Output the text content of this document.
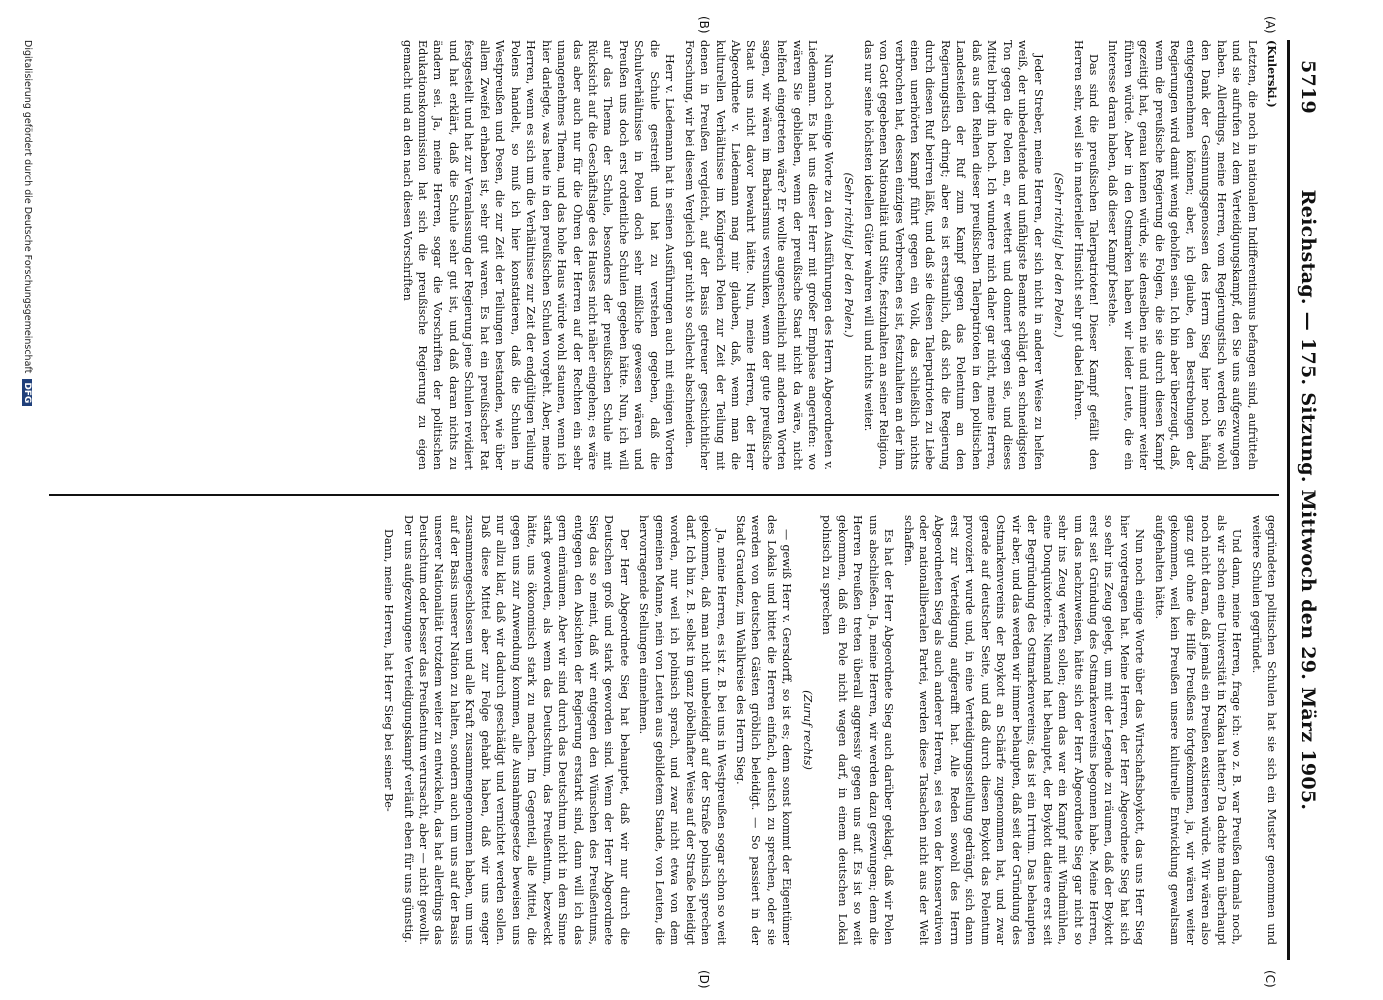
5719
Reichstag. — 175. Sitzung. Mittwoch den 29. März 1905.
(A)
(B)
(C)
(D)

(Kulerski.)

Letzten, die noch in nationalem Indifferentismus befangen sind, aufrütteln und sie aufrufen zu dem Verteidigungskampf, den Sie uns aufgezwungen haben. Allerdings, meine Herren, vom Regierungstisch werden Sie wohl den Dank der Gesinnungsgenossen des Herrn Sieg hier noch häufig entgegennehmen können; aber, ich glaube, den Bestrebungen der Regierungen wird damit wenig geholfen sein. Ich bin aber überzeugt, daß, wenn die preußische Regierung die Folgen, die sie durch diesen Kampf gezeitigt hat, genau kennen würde, sie denselben nie und nimmer weiter führen würde. Aber in den Ostmarken haben wir leider Leute, die ein Interesse daran haben, daß dieser Kampf bestehe.

Das sind die preußischen Talerpatrioten! Dieser Kampf gefällt den Herren sehr, weil sie in materieller Hinsicht sehr gut dabei fahren.

(Sehr richtig! bei den Polen.)

Jeder Streber, meine Herren, der sich nicht in anderer Weise zu helfen weiß, der unbedeutende und unfähigste Beamte schlägt den schneidigsten Ton gegen die Polen an, er wettert und donnert gegen sie, und dieses Mittel bringt ihn hoch. Ich wundere mich daher gar nicht, meine Herren, daß aus den Reihen dieser preußischen Talerpatrioten in den politischen Landesteilen der Ruf zum Kampf gegen das Polentum an den Regierungstisch dringt; aber es ist erstaunlich, daß sich die Regierung durch diesen Ruf beirren läßt, und daß sie diesen Talerpatrioten zu Liebe einen unerhörten Kampf führt gegen ein Volk, das schließlich nichts verbrochen hat, dessen einziges Verbrechen es ist, festzuhalten an der ihm von Gott gegebenen Nationalität und Sitte, festzuhalten an seiner Religion, das nur seine höchsten ideellen Güter wahren will und nichts weiter.

(Sehr richtig! bei den Polen.)

Nun noch einige Worte zu den Ausführungen des Herrn Abgeordneten v. Liedemann. Es hat uns dieser Herr mit großer Emphase angerufen: wo wären Sie geblieben, wenn der preußische Staat nicht da wäre, nicht helfend eingetreten wäre? Er wollte augenscheinlich mit anderen Worten sagen, wir wären im Barbarismus versunken, wenn der gute preußische Staat uns nicht davor bewahrt hätte. Nun, meine Herren, der Herr Abgeordnete v. Liedemann mag mir glauben, daß, wenn man die kulturellen Verhältnisse im Königreich Polen zur Zeit der Teilung mit denen in Preußen vergleicht, auf der Basis getreuer geschichtlicher Forschung, wir bei diesem Vergleich gar nicht so schlecht abschneiden.

Herr v. Liedemann hat in seinen Ausführungen auch mit einigen Worten die Schule gestreift und hat zu verstehen gegeben, daß die Schulverhältnisse in Polen doch sehr mißliche gewesen wären und Preußen uns doch erst ordentliche Schulen gegeben hätte. Nun, ich will auf das Thema der Schule, besonders der preußischen Schule mit Rücksicht auf die Geschäftslage des Hauses nicht näher eingehen; es wäre das aber auch nur für die Ohren der Herren auf der Rechten ein sehr unangenehmes Thema, und das hohe Haus würde wohl staunen, wenn ich hier darlegte, was heute in den preußischen Schulen vorgeht. Aber, meine Herren, wenn es sich um die Verhältnisse zur Zeit der endgültigen Teilung Polens handelt, so muß ich hier konstatieren, daß die Schulen in Westpreußen und Posen, die zur Zeit der Teilungen bestanden, wie über allem Zweifel erhaben ist, sehr gut waren. Es hat ein preußischer Rat festgestellt und hat zur Veranlassung der Regierung jene Schulen revidiert und hat erklärt, daß die Schule sehr gut ist, und daß daran nichts zu ändern sei. Ja, meine Herren, sogar die Vorschriften der politischen Edukationskommission hat sich die preußische Regierung zu eigen gemacht und an den nach diesen Vorschriften

gegründeten politischen Schulen hat sie sich ein Muster genommen und weitere Schulen gegründet.

Und dann, meine Herren, frage ich: wo z. B. war Preußen damals noch, als wir schon eine Universität in Krakau hatten? Da dachte man überhaupt noch nicht daran, daß jemals ein Preußen existieren würde. Wir wären also ganz gut ohne die Hilfe Preußens fortgekommen, ja, wir wären weiter gekommen, weil kein Preußen unsere kulturelle Entwicklung gewaltsam aufgehalten hätte.

Nun noch einige Worte über das Wirtschaftsboykott, das uns Herr Sieg hier vorgetragen hat. Meine Herren, der Herr Abgeordnete Sieg hat sich so sehr ins Zeug gelegt, um mit der Legende zu räumen, daß der Boykott erst seit Gründung des Ostmarkenvereins begonnen habe. Meine Herren, um das nachzuweisen, hätte sich der Herr Abgeordnete Sieg gar nicht so sehr ins Zeug werfen sollen; denn das war ein Kampf mit Windmühlen, eine Donquixoterie. Niemand hat behauptet, der Boykott datiere erst seit der Begründung des Ostmarkenvereins; das ist ein Irrtum. Das behaupten wir aber, und das werden wir immer behaupten, daß seit der Gründung des Ostmarkenvereins der Boykott an Schärfe zugenommen hat, und zwar gerade auf deutscher Seite, und daß durch diesen Boykott das Polentum provoziert wurde und, in eine Verteidigungsstellung gedrängt, sich dann erst zur Verteidigung aufgerafft hat. Alle Reden sowohl des Herrn Abgeordneten Sieg als auch anderer Herren, sei es von der konservativen oder nationalliberalen Partei, werden diese Tatsachen nicht aus der Welt schaffen.

Es hat der Herr Abgeordnete Sieg auch darüber geklagt, daß wir Polen uns abschließen. Ja, meine Herren, wir werden dazu gezwungen; denn die Herren Preußen treten überall aggressiv gegen uns auf. Es ist so weit gekommen, daß ein Pole nicht wagen darf, in einem deutschen Lokal polnisch zu sprechen

(Zuruf rechts)

— gewiß Herr v. Gersdorff, so ist es; denn sonst kommt der Eigentümer des Lokals und bittet die Herren einfach, deutsch zu sprechen, oder sie werden von deutschen Gästen gröblich beleidigt. — So passiert in der Stadt Graudenz, im Wahlkreise des Herrn Sieg.

Ja, meine Herren, es ist z. B. bei uns in Westpreußen sogar schon so weit gekommen, daß man nicht unbeleidigt auf der Straße polnisch sprechen darf. Ich bin z. B. selbst in ganz pöbelhafter Weise auf der Straße beleidigt worden, nur weil ich polnisch sprach, und zwar nicht etwa von dem gemeinen Manne, nein von Leuten aus gebildetem Stande, von Leuten, die hervorragende Stellungen einnehmen.

Der Herr Abgeordnete Sieg hat behauptet, daß wir nur durch die Deutschen groß und stark geworden sind. Wenn der Herr Abgeordnete Sieg das so meint, daß wir entgegen den Wünschen des Preußentums, entgegen den Absichten der Regierung erstarkt sind, dann will ich das gern einräumen. Aber wir sind durch das Deutschtum nicht in dem Sinne stark geworden, als wenn das Deutschtum, das Preußentum, bezweckt hätte, uns ökonomisch stark zu machen. Im Gegenteil, alle Mittel, die gegen uns zur Anwendung kommen, alle Ausnahmegesetze beweisen uns nur allzu klar, daß wir dadurch geschädigt und vernichtet werden sollen. Daß diese Mittel aber zur Folge gehabt haben, daß wir uns enger zusammengeschlossen und alle Kraft zusammengenommen haben, um uns auf der Basis unserer Nation zu halten, sondern auch um uns auf der Basis unserer Nationalität trotzdem weiter zu entwickeln, das hat allerdings das Deutschtum oder besser das Preußentum verursacht, aber — nicht gewollt. Der uns aufgezwungene Verteidigungskampf verläuft eben für uns günstig.

Dann, meine Herren, hat Herr Sieg bei seiner Be-

Digitalisierung gefördert durch die Deutsche ForschungsgemeinschaftDFG
